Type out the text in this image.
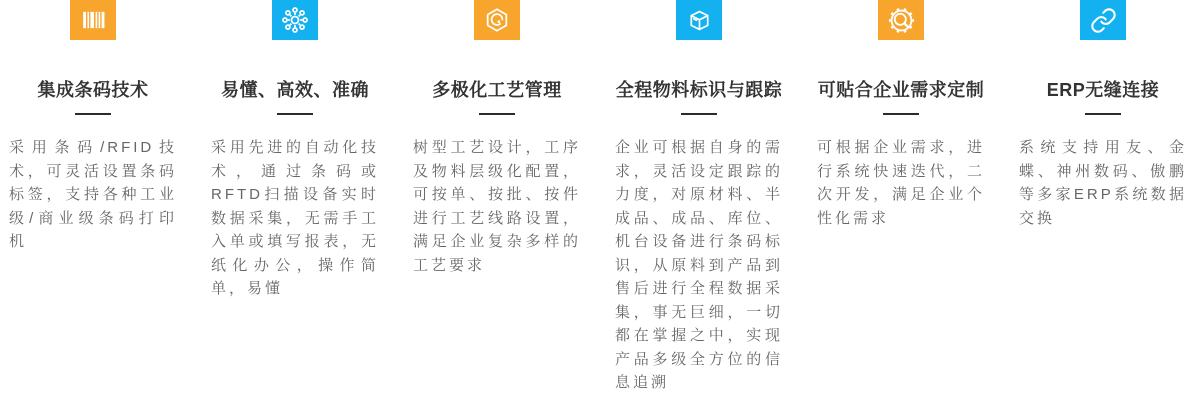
集成条码技术

采用条码/RFID技术，可灵活设置条码标签，支持各种工业级/商业级条码打印机

易懂、高效、准确

采用先进的自动化技术，通过条码或RFTD扫描设备实时数据采集，无需手工入单或填写报表，无纸化办公，操作简单，易懂

多极化工艺管理

树型工艺设计，工序及物料层级化配置，可按单、按批、按件进行工艺线路设置，满足企业复杂多样的工艺要求

全程物料标识与跟踪

企业可根据自身的需求，灵活设定跟踪的力度，对原材料、半成品、成品、库位、机台设备进行条码标识，从原料到产品到售后进行全程数据采集，事无巨细，一切都在掌握之中，实现产品多级全方位的信息追溯

可贴合企业需求定制

可根据企业需求，进行系统快速迭代，二次开发，满足企业个性化需求

ERP无缝连接

系统支持用友、金蝶、神州数码、傲鹏等多家ERP系统数据交换
